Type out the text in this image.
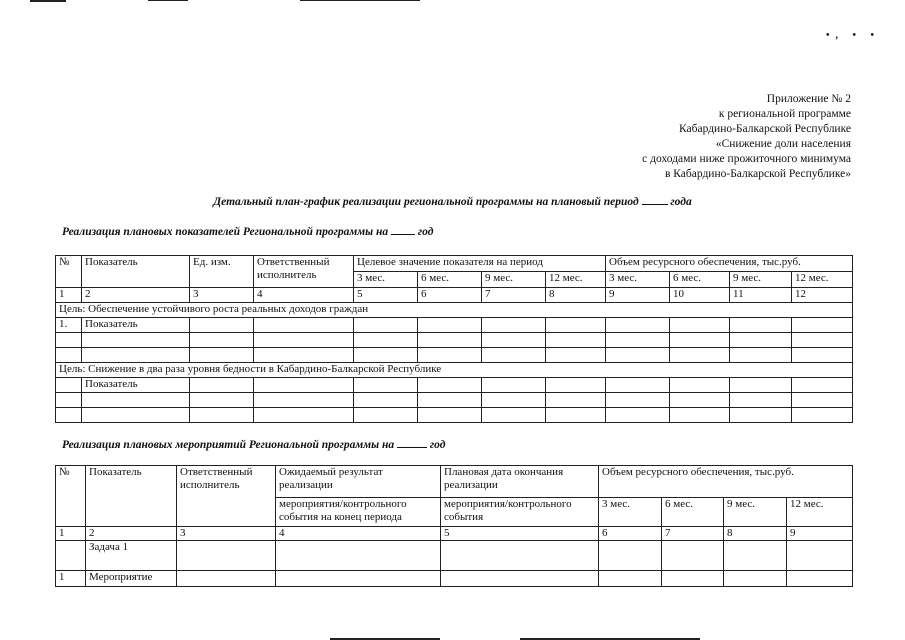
•, • •
Приложение № 2
к региональной программе
Кабардино-Балкарской Республике
«Снижение доли населения
с доходами ниже прожиточного минимума
в Кабардино-Балкарской Республике»
Детальный план-график реализации региональной программы на плановый период	года
Реализация плановых показателей Региональной программы на	год
№	Показатель	Ед. изм.	Ответственный исполнитель	Целевое значение показателя на период				Объем ресурсного обеспечения, тыс.руб.			
				3 мес.	6 мес.	9 мес.	12 мес.	3 мес.	6 мес.	9 мес.	12 мес.
1	2	3	4	5	6	7	8	9	10	11	12
Цель: Обеспечение устойчивого роста реальных доходов граждан											
1.	Показатель										

Цель: Снижение в два раза уровня бедности в Кабардино-Балкарской Республике											
	Показатель										

Реализация плановых мероприятий Региональной программы на	год
№	Показатель	Ответственный исполнитель	Ожидаемый результат реализации	Плановая дата окончания реализации	Объем ресурсного обеспечения, тыс.руб.			
			мероприятия/контрольного события на конец периода	мероприятия/контрольного события	3 мес.	6 мес.	9 мес.	12 мес.
1	2	3	4	5	6	7	8	9
	Задача 1							
1	Мероприятие							
